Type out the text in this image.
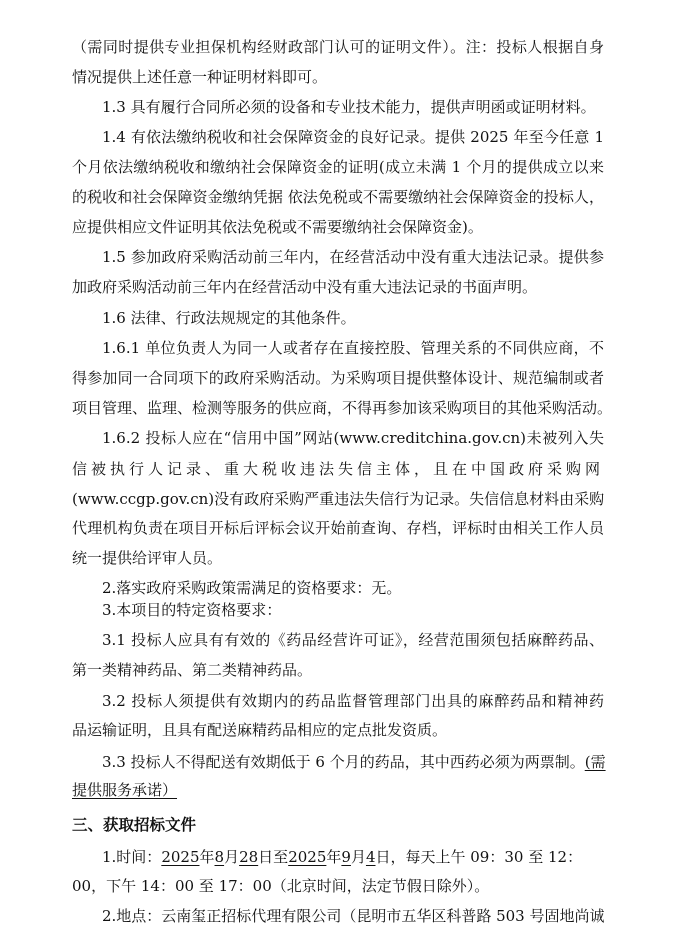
（需同时提供专业担保机构经财政部门认可的证明文件）。注：投标人根据自身
情况提供上述任意一种证明材料即可。
1.3 具有履行合同所必须的设备和专业技术能力，提供声明函或证明材料。
1.4 有依法缴纳税收和社会保障资金的良好记录。提供 2025 年至今任意 1
个月依法缴纳税收和缴纳社会保障资金的证明(成立未满 1 个月的提供成立以来
的税收和社会保障资金缴纳凭据 依法免税或不需要缴纳社会保障资金的投标人，
应提供相应文件证明其依法免税或不需要缴纳社会保障资金)。
1.5 参加政府采购活动前三年内，在经营活动中没有重大违法记录。提供参
加政府采购活动前三年内在经营活动中没有重大违法记录的书面声明。
1.6 法律、行政法规规定的其他条件。
1.6.1 单位负责人为同一人或者存在直接控股、管理关系的不同供应商，不
得参加同一合同项下的政府采购活动。为采购项目提供整体设计、规范编制或者
项目管理、监理、检测等服务的供应商，不得再参加该采购项目的其他采购活动。
1.6.2 投标人应在“信用中国”网站(www.creditchina.gov.cn)未被列入失
信被执行人记录、重大税收违法失信主体，且在中国政府采购网
(www.ccgp.gov.cn)没有政府采购严重违法失信行为记录。失信信息材料由采购
代理机构负责在项目开标后评标会议开始前查询、存档，评标时由相关工作人员
统一提供给评审人员。
2.落实政府采购政策需满足的资格要求：无。
3.本项目的特定资格要求：
3.1 投标人应具有有效的《药品经营许可证》，经营范围须包括麻醉药品、
第一类精神药品、第二类精神药品。
3.2 投标人须提供有效期内的药品监督管理部门出具的麻醉药品和精神药
品运输证明，且具有配送麻精药品相应的定点批发资质。
3.3 投标人不得配送有效期低于 6 个月的药品，其中西药必须为两票制。(需
提供服务承诺）
三、获取招标文件
1.时间：2025年8月28日至2025年9月4日，每天上午 09：30 至 12：
00，下午 14：00 至 17：00（北京时间，法定节假日除外）。
2.地点：云南玺正招标代理有限公司（昆明市五华区科普路 503 号固地尚诚
